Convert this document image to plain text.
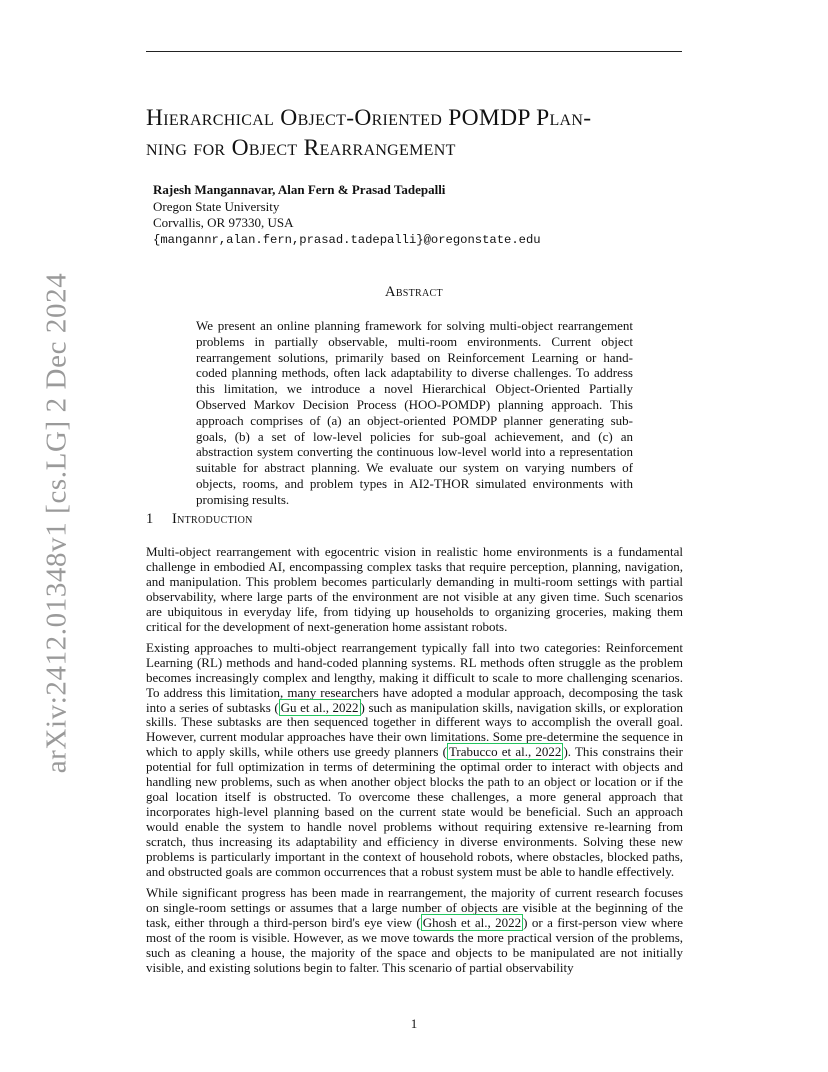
Hierarchical Object-Oriented POMDP Plan-
ning for Object Rearrangement
Rajesh Mangannavar, Alan Fern & Prasad Tadepalli
Oregon State University
Corvallis, OR 97330, USA
{mangannr,alan.fern,prasad.tadepalli}@oregonstate.edu
Abstract
We present an online planning framework for solving multi-object rearrangement problems in partially observable, multi-room environments. Current object rearrangement solutions, primarily based on Reinforcement Learning or hand-coded planning methods, often lack adaptability to diverse challenges. To address this limitation, we introduce a novel Hierarchical Object-Oriented Partially Observed Markov Decision Process (HOO-POMDP) planning approach. This approach comprises of (a) an object-oriented POMDP planner generating sub-goals, (b) a set of low-level policies for sub-goal achievement, and (c) an abstraction system converting the continuous low-level world into a representation suitable for abstract planning. We evaluate our system on varying numbers of objects, rooms, and problem types in AI2-THOR simulated environments with promising results.
1 Introduction

Multi-object rearrangement with egocentric vision in realistic home environments is a fundamental challenge in embodied AI, encompassing complex tasks that require perception, planning, navigation, and manipulation. This problem becomes particularly demanding in multi-room settings with partial observability, where large parts of the environment are not visible at any given time. Such scenarios are ubiquitous in everyday life, from tidying up households to organizing groceries, making them critical for the development of next-generation home assistant robots.

Existing approaches to multi-object rearrangement typically fall into two categories: Reinforcement Learning (RL) methods and hand-coded planning systems. RL methods often struggle as the problem becomes increasingly complex and lengthy, making it difficult to scale to more challenging scenarios. To address this limitation, many researchers have adopted a modular approach, decomposing the task into a series of subtasks ( Gu et al., 2022 ) such as manipulation skills, navigation skills, or exploration skills. These subtasks are then sequenced together in different ways to accomplish the overall goal. However, current modular approaches have their own limitations. Some pre-determine the sequence in which to apply skills, while others use greedy planners ( Trabucco et al., 2022 ). This constrains their potential for full optimization in terms of determining the optimal order to interact with objects and handling new problems, such as when another object blocks the path to an object or location or if the goal location itself is obstructed. To overcome these challenges, a more general approach that incorporates high-level planning based on the current state would be beneficial. Such an approach would enable the system to handle novel problems without requiring extensive re-learning from scratch, thus increasing its adaptability and efficiency in diverse environments. Solving these new problems is particularly important in the context of household robots, where obstacles, blocked paths, and obstructed goals are common occurrences that a robust system must be able to handle effectively.

While significant progress has been made in rearrangement, the majority of current research focuses on single-room settings or assumes that a large number of objects are visible at the beginning of the task, either through a third-person bird's eye view ( Ghosh et al., 2022 ) or a first-person view where most of the room is visible. However, as we move towards the more practical version of the problems, such as cleaning a house, the majority of the space and objects to be manipulated are not initially visible, and existing solutions begin to falter. This scenario of partial observability

arXiv:2412.01348v1 [cs.LG] 2 Dec 2024
1
